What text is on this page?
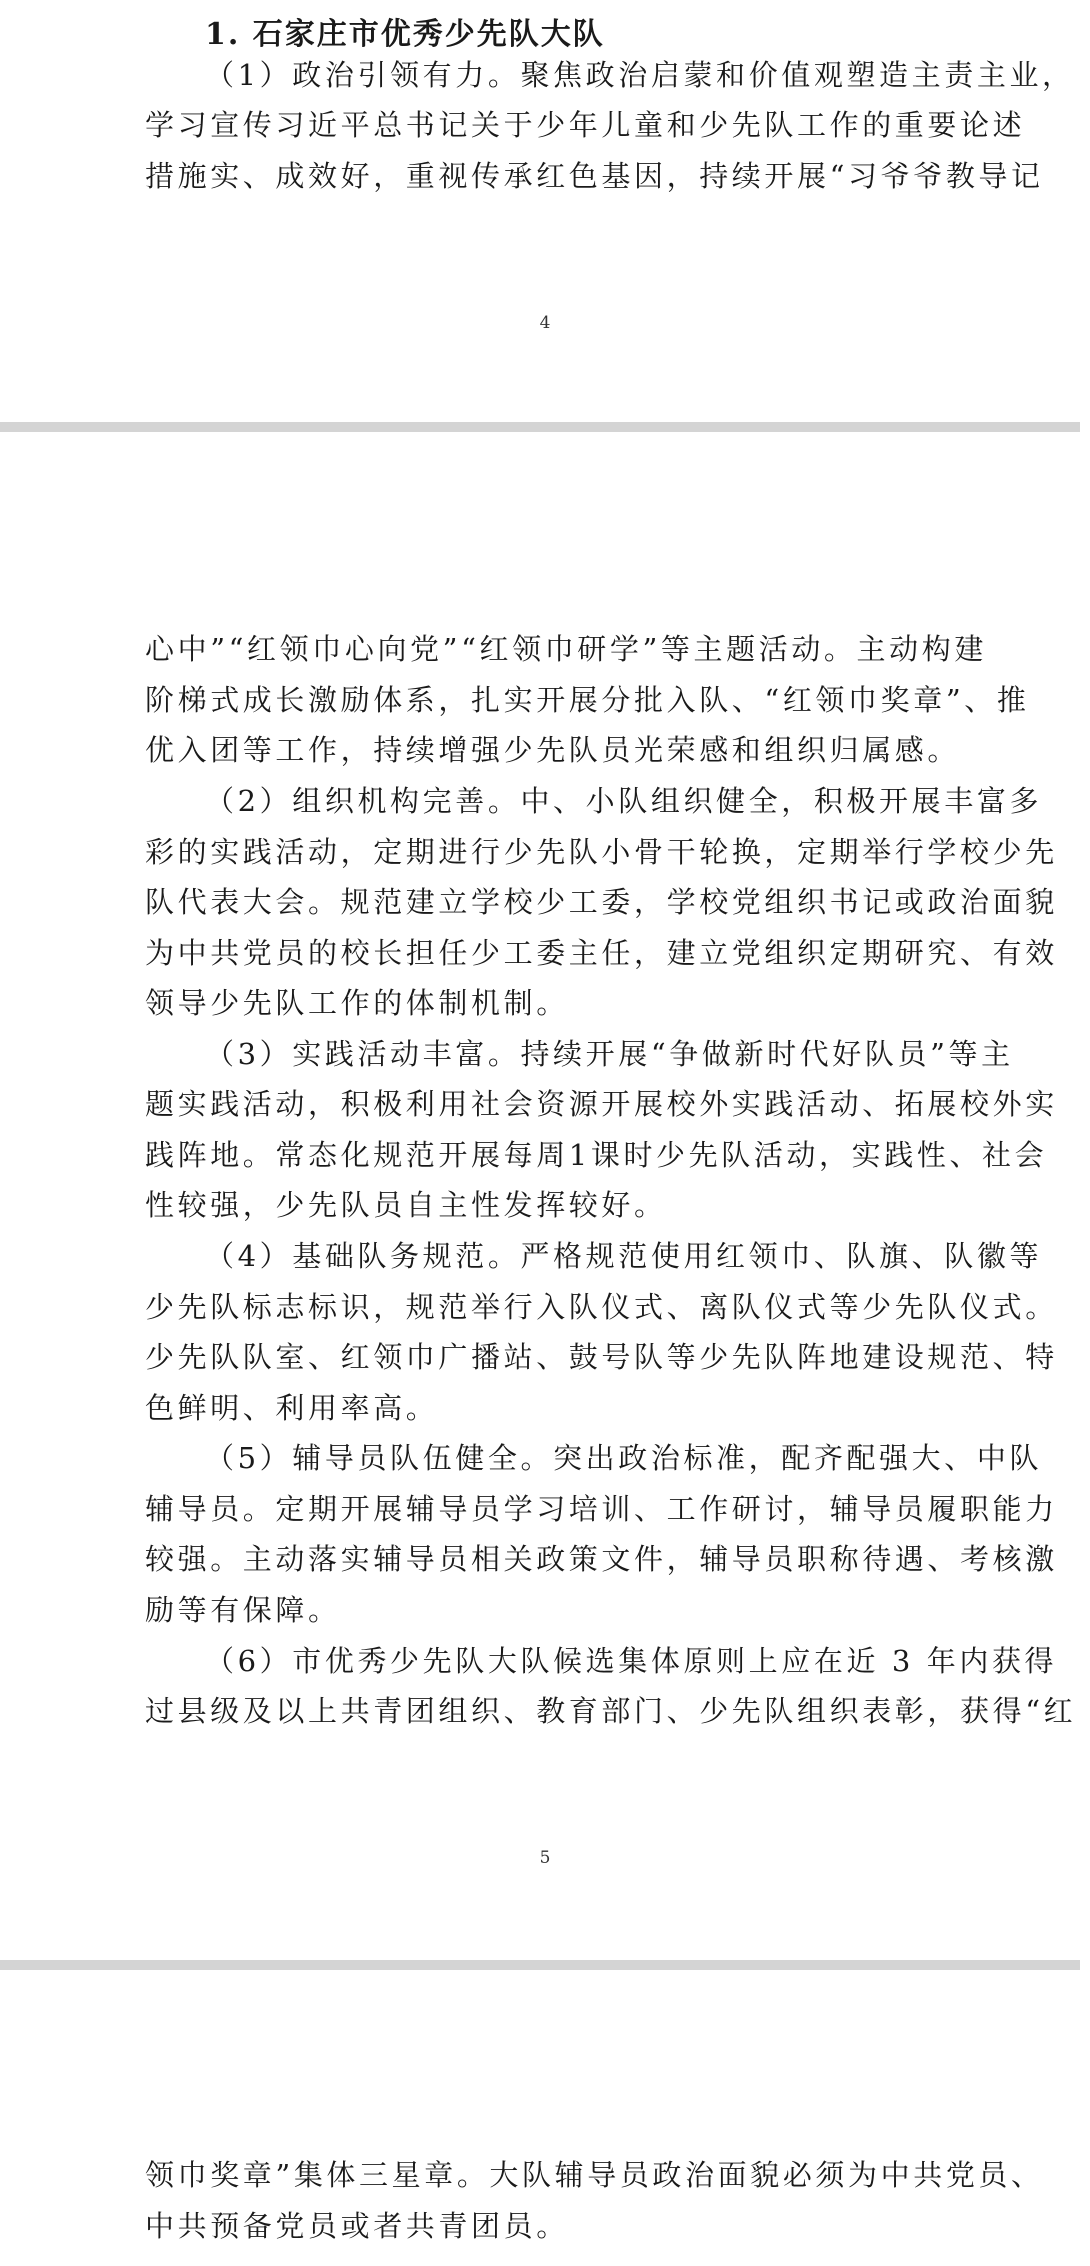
1. 石家庄市优秀少先队大队
（1）政治引领有力。聚焦政治启蒙和价值观塑造主责主业，
学习宣传习近平总书记关于少年儿童和少先队工作的重要论述
措施实、成效好，重视传承红色基因，持续开展“习爷爷教导记
4
心中”“红领巾心向党”“红领巾研学”等主题活动。主动构建
阶梯式成长激励体系，扎实开展分批入队、“红领巾奖章”、推
优入团等工作，持续增强少先队员光荣感和组织归属感。
（2）组织机构完善。中、小队组织健全，积极开展丰富多
彩的实践活动，定期进行少先队小骨干轮换，定期举行学校少先
队代表大会。规范建立学校少工委，学校党组织书记或政治面貌
为中共党员的校长担任少工委主任，建立党组织定期研究、有效
领导少先队工作的体制机制。
（3）实践活动丰富。持续开展“争做新时代好队员”等主
题实践活动，积极利用社会资源开展校外实践活动、拓展校外实
践阵地。常态化规范开展每周1课时少先队活动，实践性、社会
性较强，少先队员自主性发挥较好。
（4）基础队务规范。严格规范使用红领巾、队旗、队徽等
少先队标志标识，规范举行入队仪式、离队仪式等少先队仪式。
少先队队室、红领巾广播站、鼓号队等少先队阵地建设规范、特
色鲜明、利用率高。
（5）辅导员队伍健全。突出政治标准，配齐配强大、中队
辅导员。定期开展辅导员学习培训、工作研讨，辅导员履职能力
较强。主动落实辅导员相关政策文件，辅导员职称待遇、考核激
励等有保障。
（6）市优秀少先队大队候选集体原则上应在近 3 年内获得
过县级及以上共青团组织、教育部门、少先队组织表彰，获得“红
5
领巾奖章”集体三星章。大队辅导员政治面貌必须为中共党员、
中共预备党员或者共青团员。
